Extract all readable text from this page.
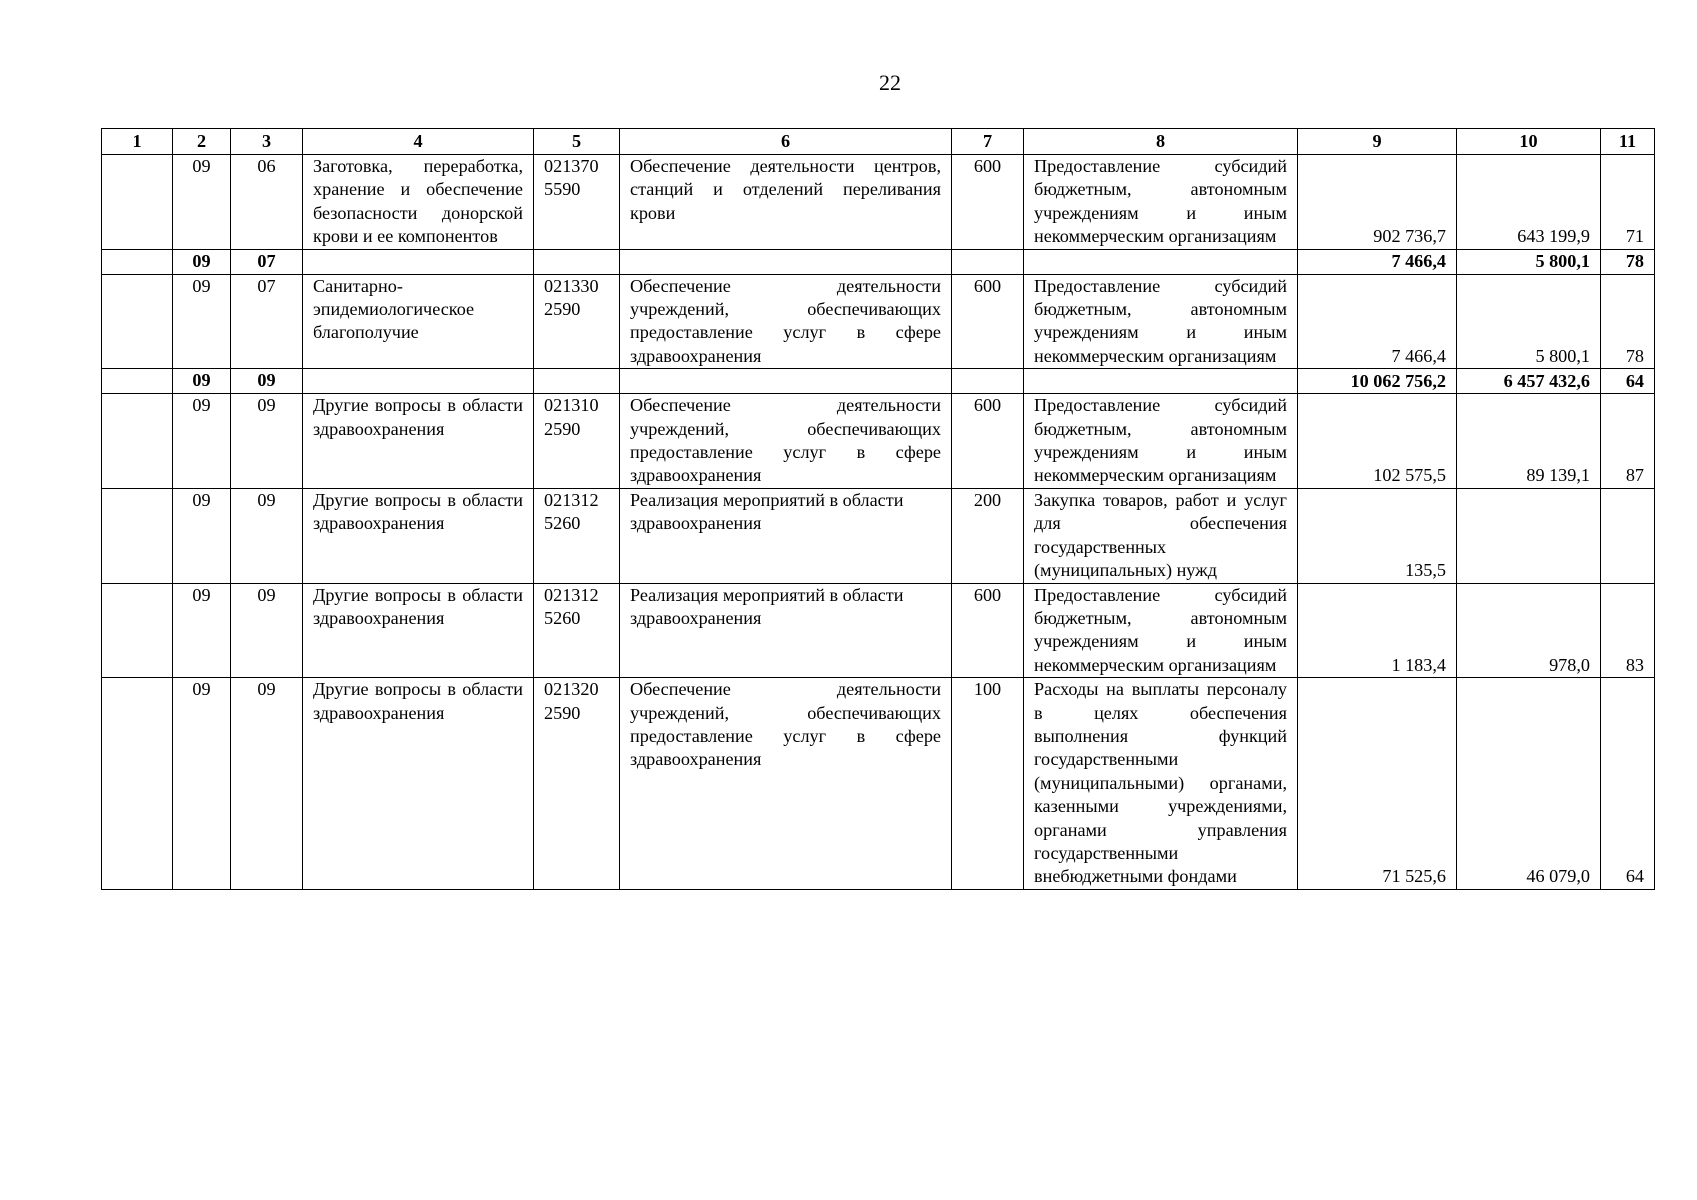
22
1	2	3	4	5	6	7	8	9	10	11
	09	06	Заготовка, переработка, хранение и обеспечение безопасности донорской крови и ее компонентов	021370 5590	Обеспечение деятельности центров, станций и отделений переливания крови	600	Предоставление субсидий бюджетным, автономным учреждениям и иным некоммерческим организациям	902 736,7	643 199,9	71
	09	07						7 466,4	5 800,1	78
	09	07	Санитарно-эпидемиологическое благополучие	021330 2590	Обеспечение деятельности учреждений, обеспечивающих предоставление услуг в сфере здравоохранения	600	Предоставление субсидий бюджетным, автономным учреждениям и иным некоммерческим организациям	7 466,4	5 800,1	78
	09	09						10 062 756,2	6 457 432,6	64
	09	09	Другие вопросы в области здравоохранения	021310 2590	Обеспечение деятельности учреждений, обеспечивающих предоставление услуг в сфере здравоохранения	600	Предоставление субсидий бюджетным, автономным учреждениям и иным некоммерческим организациям	102 575,5	89 139,1	87
	09	09	Другие вопросы в области здравоохранения	021312 5260	Реализация мероприятий в области здравоохранения	200	Закупка товаров, работ и услуг для обеспечения государственных (муниципальных) нужд	135,5		
	09	09	Другие вопросы в области здравоохранения	021312 5260	Реализация мероприятий в области здравоохранения	600	Предоставление субсидий бюджетным, автономным учреждениям и иным некоммерческим организациям	1 183,4	978,0	83
	09	09	Другие вопросы в области здравоохранения	021320 2590	Обеспечение деятельности учреждений, обеспечивающих предоставление услуг в сфере здравоохранения	100	Расходы на выплаты персоналу в целях обеспечения выполнения функций государственными (муниципальными) органами, казенными учреждениями, органами управления государственными внебюджетными фондами	71 525,6	46 079,0	64
